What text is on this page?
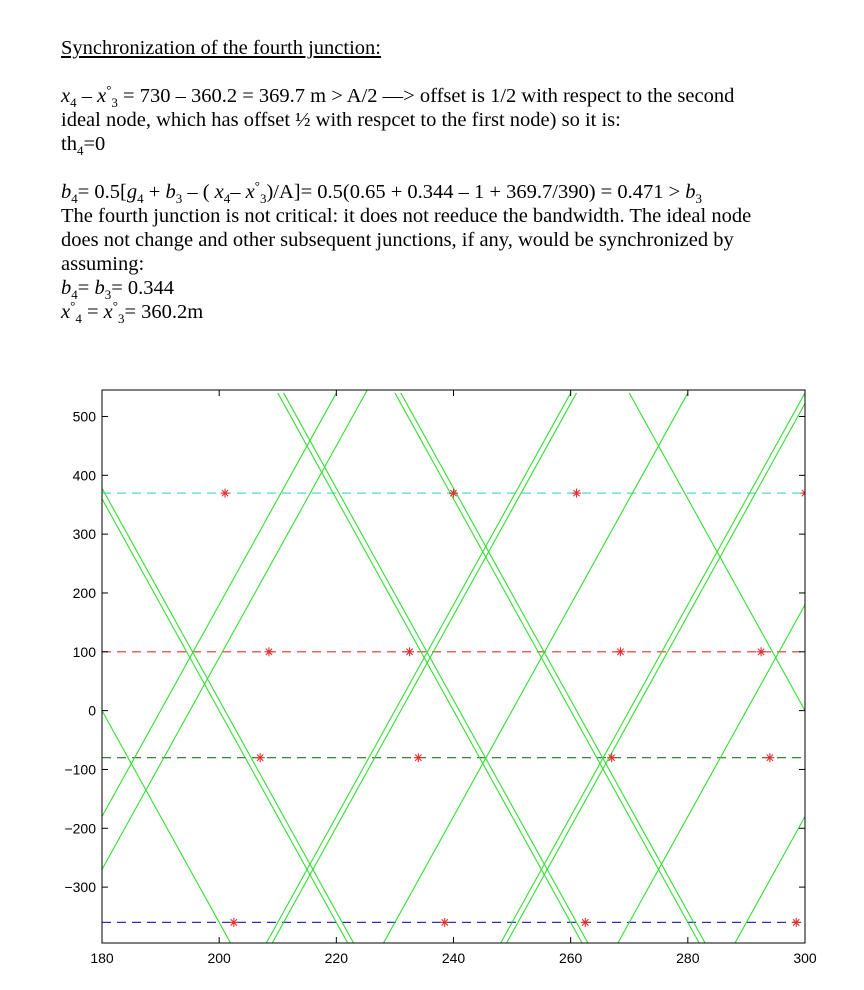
Synchronization of the fourth junction:

$x_4 - x^\circ_3 = 730 - 360.2 = 369.7$ m > A/2 —> offset is 1/2 with respect to the second

ideal node, which has offset ½ with respcet to the first node) so it is:

$th_4=0$

$b_4= 0.5[g_4 + b_3$ – ( $x_4-$ $x^\circ_3)/A]= 0.5(0.65 + 0.344 - 1 + 369.7/390) = 0.471 > b_3$

The fourth junction is not critical: it does not reeduce the bandwidth. The ideal node

does not change and other subsequent junctions, if any, would be synchronized by

assuming:

$b_4= b_3= 0.344$

$x^\circ_4 = x^\circ_3= 360.2m$

180	200	220	240	260	280	300
500
400
300
200
100
0
−100
−200
−300
